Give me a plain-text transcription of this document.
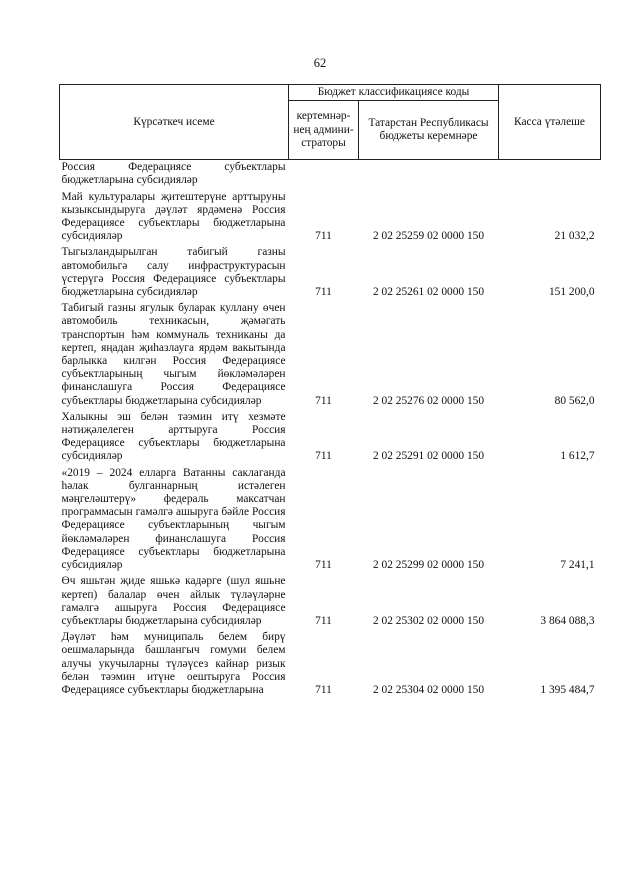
62
Күрсәткеч исеме	Бюджет классификациясе коды		Касса үтәлеше
	кертемнәр-нең админи-страторы	Татарстан Республикасы бюджеты керемнәре	
Россия Федерациясе субъектлары бюджетларына субсидияләр			
Май культуралары җитештерүне арттыруны кызыксындыруга дәүләт ярдәменә Россия Федерациясе субъектлары бюджетларына субсидияләр	711	2 02 25259 02 0000 150	21 032,2
Тыгызландырылган табигый газны автомобильгә салу инфраструктурасын үстерүгә Россия Федерациясе субъектлары бюджетларына субсидияләр	711	2 02 25261 02 0000 150	151 200,0
Табигый газны ягулык буларак куллану өчен автомобиль техникасын, җәмәгать транспортын һәм коммуналь техниканы да кертеп, яңадан җиһазлауга ярдәм вакытында барлыкка килгән Россия Федерациясе субъектларының чыгым йөкләмәләрен финанслашуга Россия Федерациясе субъектлары бюджетларына субсидияләр	711	2 02 25276 02 0000 150	80 562,0
Халыкны эш белән тәэмин итү хезмәте нәтиҗәлелеген арттыруга Россия Федерациясе субъектлары бюджетларына субсидияләр	711	2 02 25291 02 0000 150	1 612,7
«2019 – 2024 елларга Ватанны саклаганда һәлак булганнарның истәлеген мәңгеләштерү» федераль максатчан программасын гамәлгә ашыруга бәйле Россия Федерациясе субъектларының чыгым йөкләмәләрен финанслашуга Россия Федерациясе субъектлары бюджетларына субсидияләр	711	2 02 25299 02 0000 150	7 241,1
Өч яшьтән җиде яшькә кадәрге (шул яшьне кертеп) балалар өчен айлык түләүләрне гамәлгә ашыруга Россия Федерациясе субъектлары бюджетларына субсидияләр	711	2 02 25302 02 0000 150	3 864 088,3
Дәүләт һәм муниципаль белем бирү оешмаларында башлангыч гомуми белем алучы укучыларны түләүсез кайнар ризык белән тәэмин итүне оештыруга Россия Федерациясе субъектлары бюджетларына	711	2 02 25304 02 0000 150	1 395 484,7
